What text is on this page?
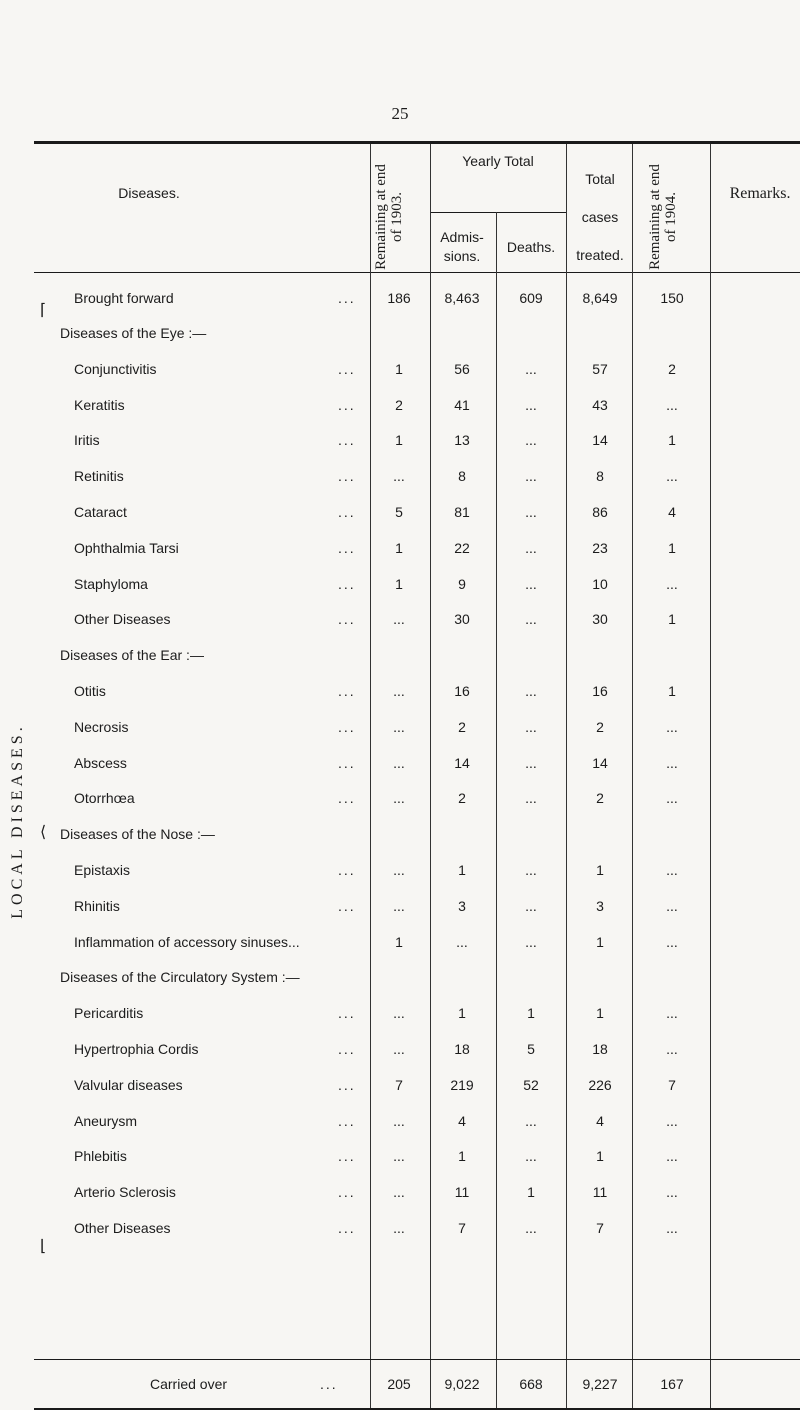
25
Diseases.	Remaining at end of 1903.
Yearly Total
Admis-
sions.
Deaths.
Total
cases
treated.	Remaining at end of 1904.	Remarks.
LOCAL DISEASES.
⌈
⟨
⌊
Brought forward	...	186	8,463	609	8,649	150
Diseases of the Eye :—
Conjunctivitis	...	1	56	...	57	2
Keratitis	...	2	41	...	43	...
Iritis	...	1	13	...	14	1
Retinitis	...	...	8	...	8	...
Cataract	...	5	81	...	86	4
Ophthalmia Tarsi	...	1	22	...	23	1
Staphyloma	...	1	9	...	10	...
Other Diseases	...	...	30	...	30	1
Diseases of the Ear :—
Otitis	...	...	16	...	16	1
Necrosis	...	...	2	...	2	...
Abscess	...	...	14	...	14	...
Otorrhœa	...	...	2	...	2	...
Diseases of the Nose :—
Epistaxis	...	...	1	...	1	...
Rhinitis	...	...	3	...	3	...
Inflammation of accessory sinuses...	1	...	...	1	...
Diseases of the Circulatory System :—
Pericarditis	...	...	1	1	1	...
Hypertrophia Cordis	...	...	18	5	18	...
Valvular diseases	...	7	219	52	226	7
Aneurysm	...	...	4	...	4	...
Phlebitis	...	...	1	...	1	...
Arterio Sclerosis	...	...	11	1	11	...
Other Diseases	...	...	7	...	7	...
Carried over	...	205	9,022	668	9,227	167
